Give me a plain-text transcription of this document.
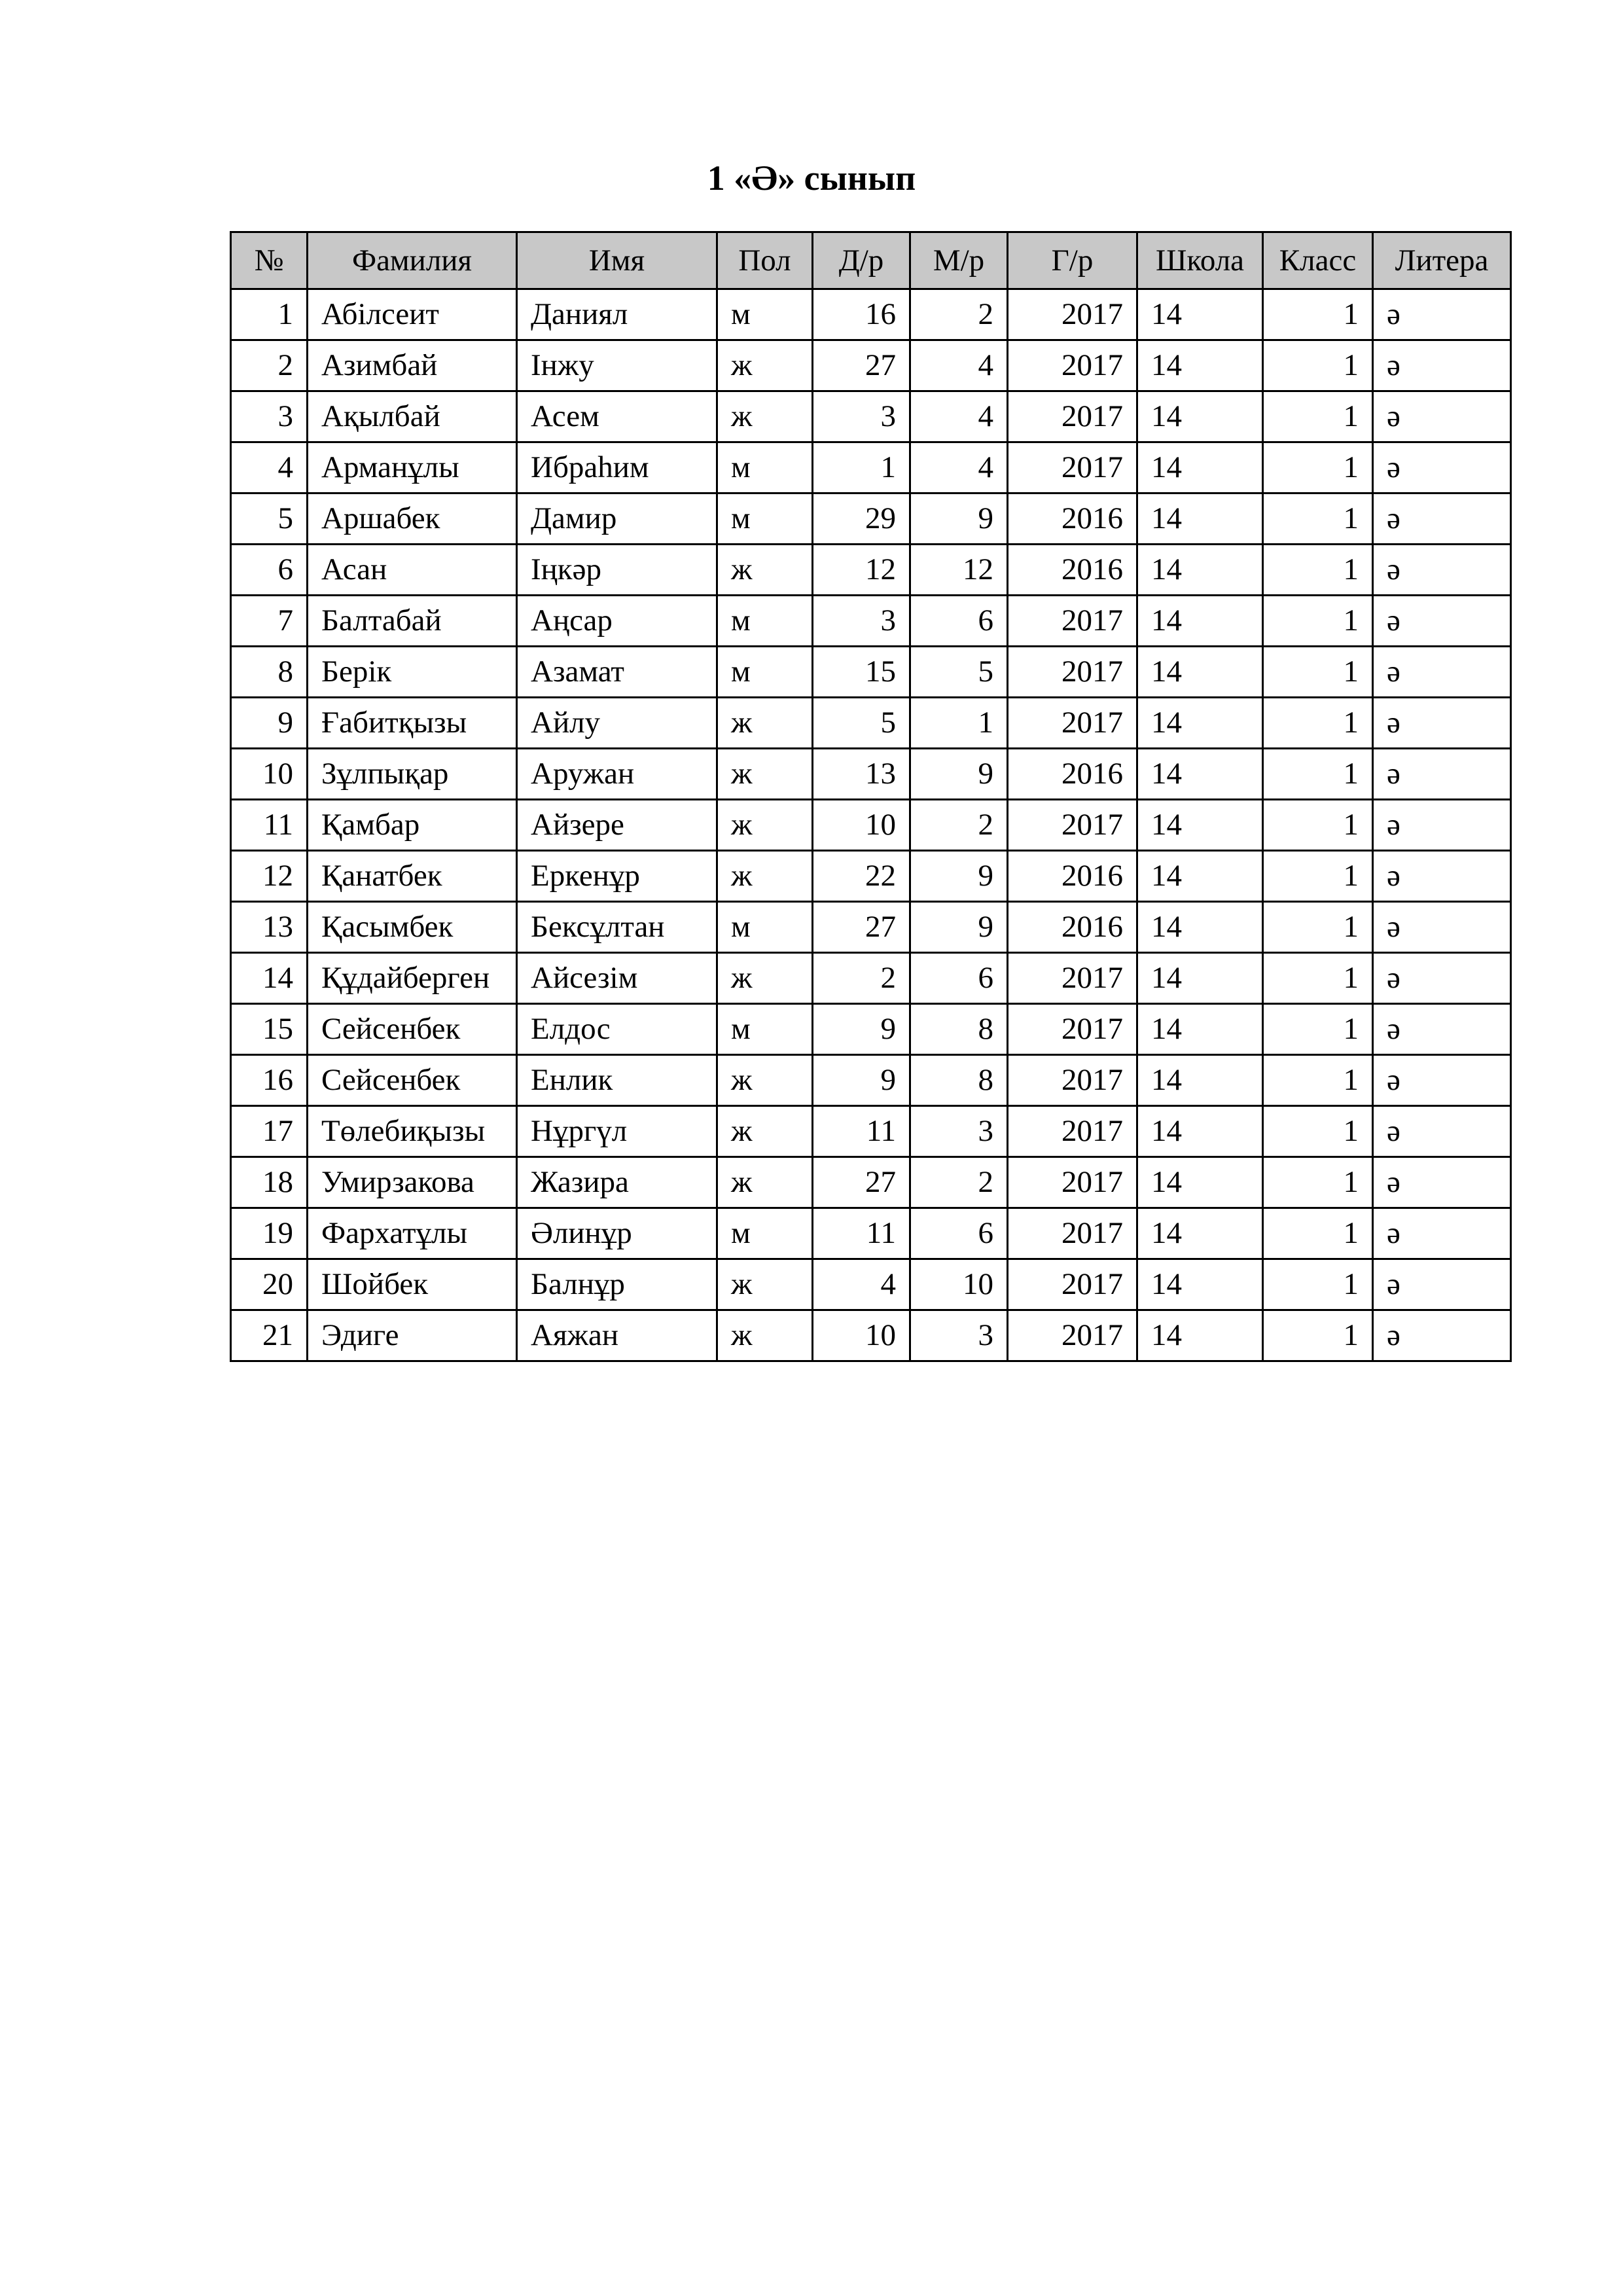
1 «Ә» сынып
№	Фамилия	Имя	Пол	Д/р	М/р	Г/р	Школа	Класс	Литера
1	Абілсеит	Даниял	м	16	2	2017	14	1	ә
2	Азимбай	Інжу	ж	27	4	2017	14	1	ә
3	Ақылбай	Асем	ж	3	4	2017	14	1	ә
4	Арманұлы	Ибраһим	м	1	4	2017	14	1	ә
5	Аршабек	Дамир	м	29	9	2016	14	1	ә
6	Асан	Іңкәр	ж	12	12	2016	14	1	ә
7	Балтабай	Аңсар	м	3	6	2017	14	1	ә
8	Берік	Азамат	м	15	5	2017	14	1	ә
9	Ғабитқызы	Айлу	ж	5	1	2017	14	1	ә
10	Зұлпықар	Аружан	ж	13	9	2016	14	1	ә
11	Қамбар	Айзере	ж	10	2	2017	14	1	ә
12	Қанатбек	Еркенұр	ж	22	9	2016	14	1	ә
13	Қасымбек	Бексұлтан	м	27	9	2016	14	1	ә
14	Құдайберген	Айсезім	ж	2	6	2017	14	1	ә
15	Сейсенбек	Елдос	м	9	8	2017	14	1	ә
16	Сейсенбек	Енлик	ж	9	8	2017	14	1	ә
17	Төлебиқызы	Нұргүл	ж	11	3	2017	14	1	ә
18	Умирзакова	Жазира	ж	27	2	2017	14	1	ә
19	Фархатұлы	Әлинұр	м	11	6	2017	14	1	ә
20	Шойбек	Балнұр	ж	4	10	2017	14	1	ә
21	Эдиге	Аяжан	ж	10	3	2017	14	1	ә
